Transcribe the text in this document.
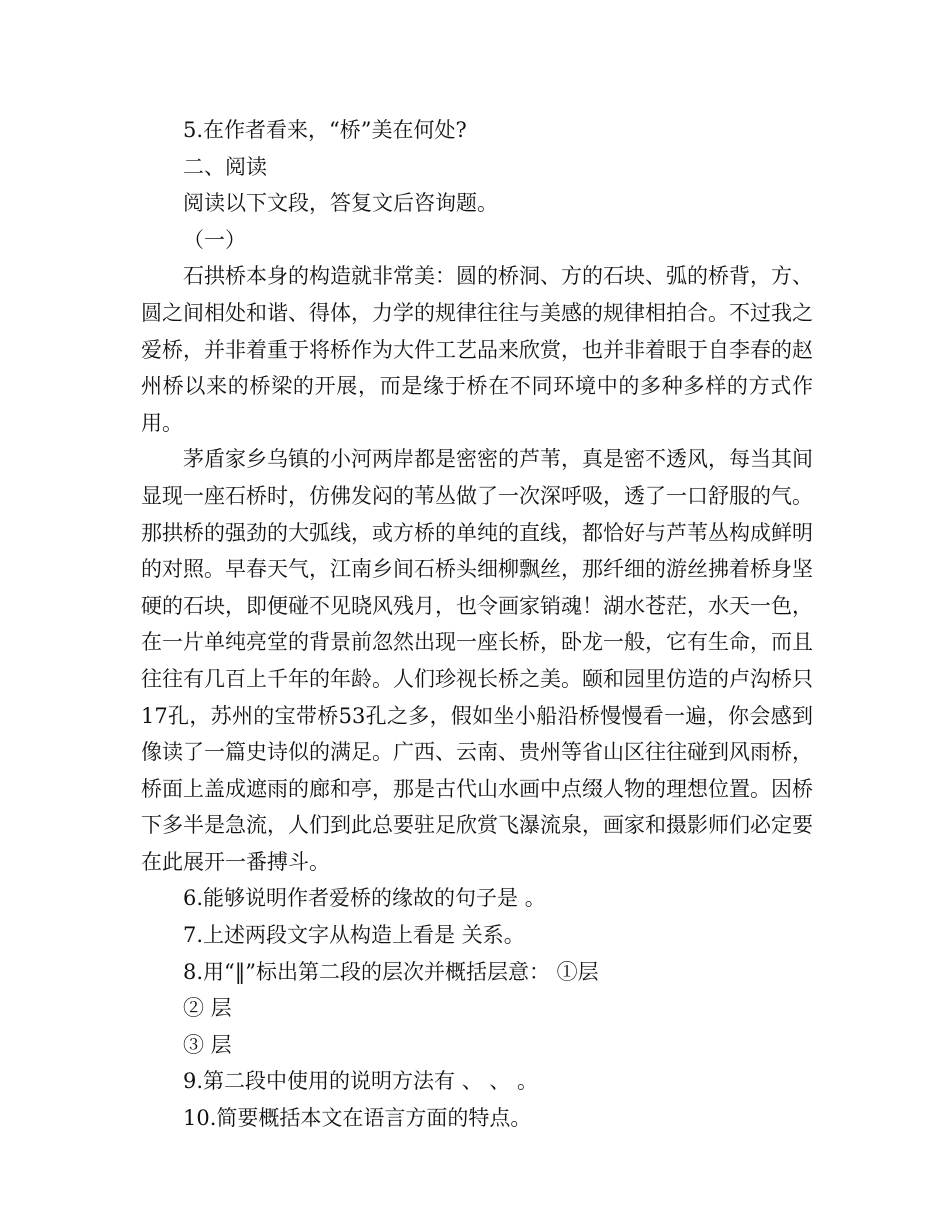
5.在作者看来，“桥”美在何处?
二、阅读
阅读以下文段，答复文后咨询题。
（一）

石拱桥本身的构造就非常美：圆的桥洞、方的石块、弧的桥背，方、圆之间相处和谐、得体，力学的规律往往与美感的规律相拍合。不过我之爱桥，并非着重于将桥作为大件工艺品来欣赏，也并非着眼于自李春的赵州桥以来的桥梁的开展，而是缘于桥在不同环境中的多种多样的方式作用。

茅盾家乡乌镇的小河两岸都是密密的芦苇，真是密不透风，每当其间显现一座石桥时，仿佛发闷的苇丛做了一次深呼吸，透了一口舒服的气。那拱桥的强劲的大弧线，或方桥的单纯的直线，都恰好与芦苇丛构成鲜明的对照。早春天气，江南乡间石桥头细柳飘丝，那纤细的游丝拂着桥身坚硬的石块，即便碰不见晓风残月，也令画家销魂！湖水苍茫，水天一色，在一片单纯亮堂的背景前忽然出现一座长桥，卧龙一般，它有生命，而且往往有几百上千年的年龄。人们珍视长桥之美。颐和园里仿造的卢沟桥只17孔，苏州的宝带桥53孔之多，假如坐小船沿桥慢慢看一遍，你会感到像读了一篇史诗似的满足。广西、云南、贵州等省山区往往碰到风雨桥，桥面上盖成遮雨的廊和亭，那是古代山水画中点缀人物的理想位置。因桥下多半是急流，人们到此总要驻足欣赏飞瀑流泉，画家和摄影师们必定要在此展开一番搏斗。

6.能够说明作者爱桥的缘故的句子是 。
7.上述两段文字从构造上看是 关系。
8.用“‖”标出第二段的层次并概括层意： ①层
② 层
③ 层
9.第二段中使用的说明方法有 、 、 。
10.简要概括本文在语言方面的特点。
